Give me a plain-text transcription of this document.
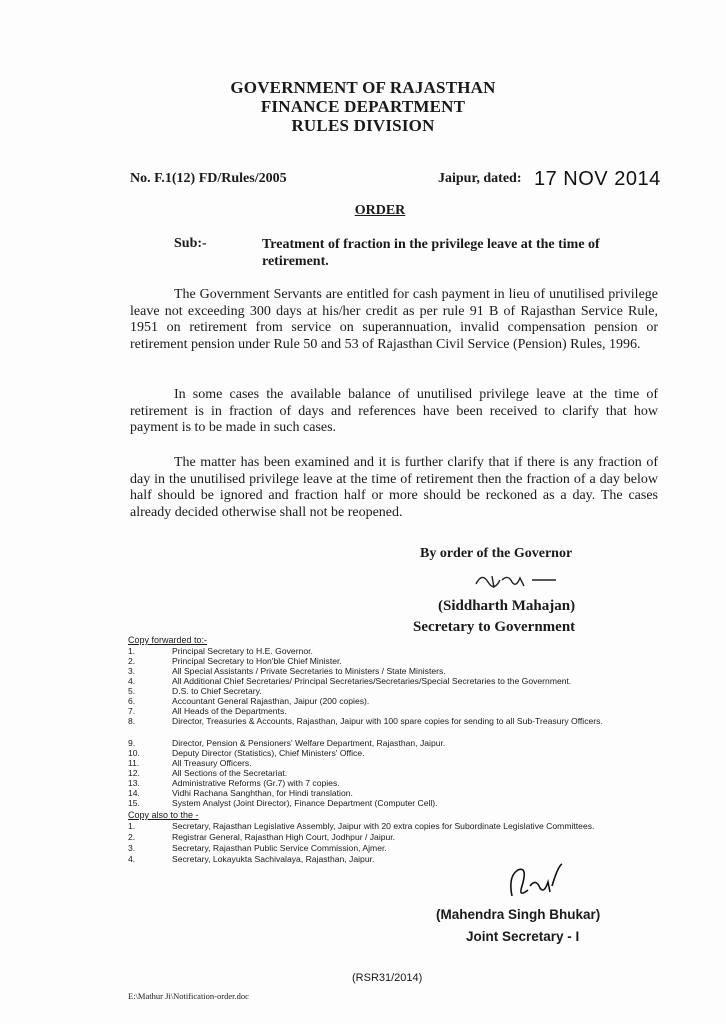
GOVERNMENT OF RAJASTHAN
FINANCE DEPARTMENT
RULES DIVISION
No. F.1(12) FD/Rules/2005	Jaipur, dated: 17 NOV 2014
ORDER
Sub:-	Treatment of fraction in the privilege leave at the time of retirement.

The Government Servants are entitled for cash payment in lieu of unutilised privilege leave not exceeding 300 days at his/her credit as per rule 91 B of Rajasthan Service Rule, 1951 on retirement from service on superannuation, invalid compensation pension or retirement pension under Rule 50 and 53 of Rajasthan Civil Service (Pension) Rules, 1996.

In some cases the available balance of unutilised privilege leave at the time of retirement is in fraction of days and references have been received to clarify that how payment is to be made in such cases.

The matter has been examined and it is further clarify that if there is any fraction of day in the unutilised privilege leave at the time of retirement then the fraction of a day below half should be ignored and fraction half or more should be reckoned as a day. The cases already decided otherwise shall not be reopened.

By order of the Governor
(Siddharth Mahajan)
Secretary to Government
Copy forwarded to:-
1.	Principal Secretary to H.E. Governor.
2.	Principal Secretary to Hon'ble Chief Minister.
3.	All Special Assistants / Private Secretaries to Ministers / State Ministers.
4.	All Additional Chief Secretaries/ Principal Secretaries/Secretaries/Special Secretaries to the Government.
5.	D.S. to Chief Secretary.
6.	Accountant General Rajasthan, Jaipur (200 copies).
7.	All Heads of the Departments.
8.	Director, Treasuries & Accounts, Rajasthan, Jaipur with 100 spare copies for sending to all Sub-Treasury Officers.
9.	Director, Pension & Pensioners' Welfare Department, Rajasthan, Jaipur.
10.	Deputy Director (Statistics), Chief Ministers' Office.
11.	All Treasury Officers.
12.	All Sections of the Secretariat.
13.	Administrative Reforms (Gr.7) with 7 copies.
14.	Vidhi Rachana Sanghthan, for Hindi translation.
15.	System Analyst (Joint Director), Finance Department (Computer Cell).
Copy also to the -
1.	Secretary, Rajasthan Legislative Assembly, Jaipur with 20 extra copies for Subordinate Legislative Committees.
2.	Registrar General, Rajasthan High Court, Jodhpur / Jaipur.
3.	Secretary, Rajasthan Public Service Commission, Ajmer.
4.	Secretary, Lokayukta Sachivalaya, Rajasthan, Jaipur.
(Mahendra Singh Bhukar)
Joint Secretary - I
(RSR31/2014)
E:\Mathur Ji\Notification-order.doc
